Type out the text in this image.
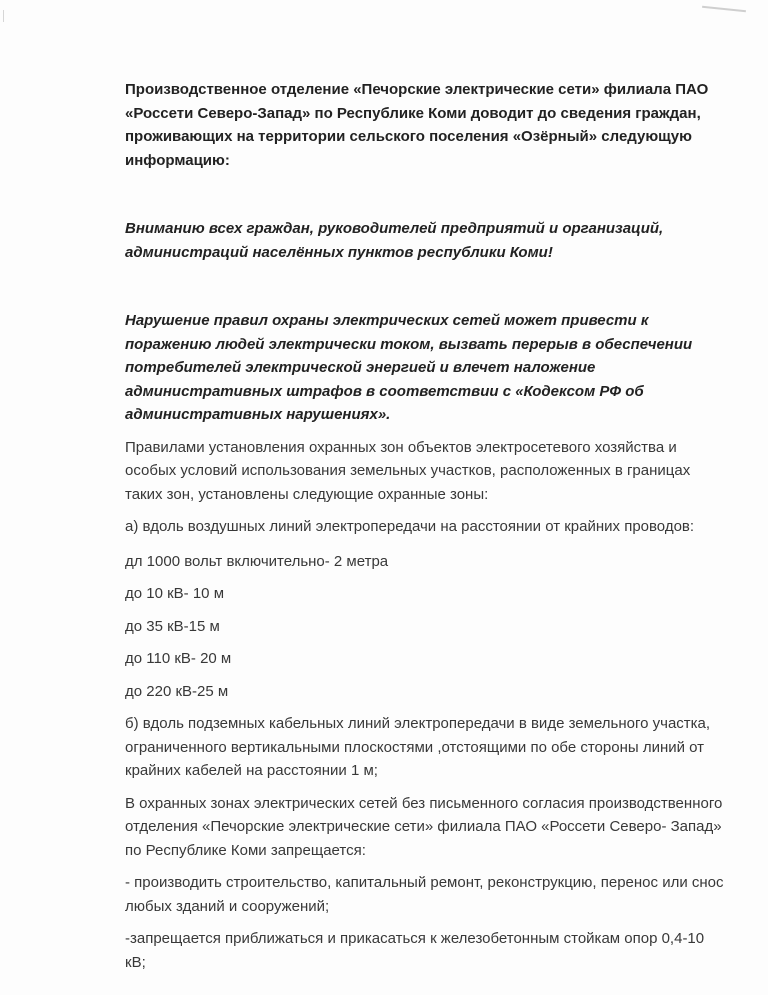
Производственное отделение «Печорские электрические сети» филиала ПАО «Россети Северо-Запад» по Республике Коми доводит до сведения граждан, проживающих на территории сельского поселения «Озёрный» следующую информацию:

Вниманию всех граждан, руководителей предприятий и организаций, администраций населённых пунктов республики Коми!

Нарушение правил охраны электрических сетей может привести к поражению людей электрически током, вызвать перерыв в обеспечении потребителей электрической энергией и влечет наложение административных штрафов в соответствии с «Кодексом РФ об административных нарушениях».

Правилами установления охранных зон объектов электросетевого хозяйства и особых условий использования земельных участков, расположенных в границах таких зон, установлены следующие охранные зоны:

а) вдоль воздушных линий электропередачи на расстоянии от крайних проводов:

дл 1000 вольт включительно- 2 метра

до 10 кВ- 10 м

до 35 кВ-15 м

до 110 кВ- 20 м

до 220 кВ-25 м

б) вдоль подземных кабельных линий электропередачи в виде земельного участка, ограниченного вертикальными плоскостями ,отстоящими по обе стороны линий от крайних кабелей на расстоянии 1 м;

В охранных зонах электрических сетей без письменного согласия производственного отделения «Печорские электрические сети» филиала ПАО «Россети Северо- Запад» по Республике Коми запрещается:

- производить строительство, капитальный ремонт, реконструкцию, перенос или снос любых зданий и сооружений;

-запрещается приближаться и прикасаться к железобетонным стойкам опор 0,4-10 кВ;
